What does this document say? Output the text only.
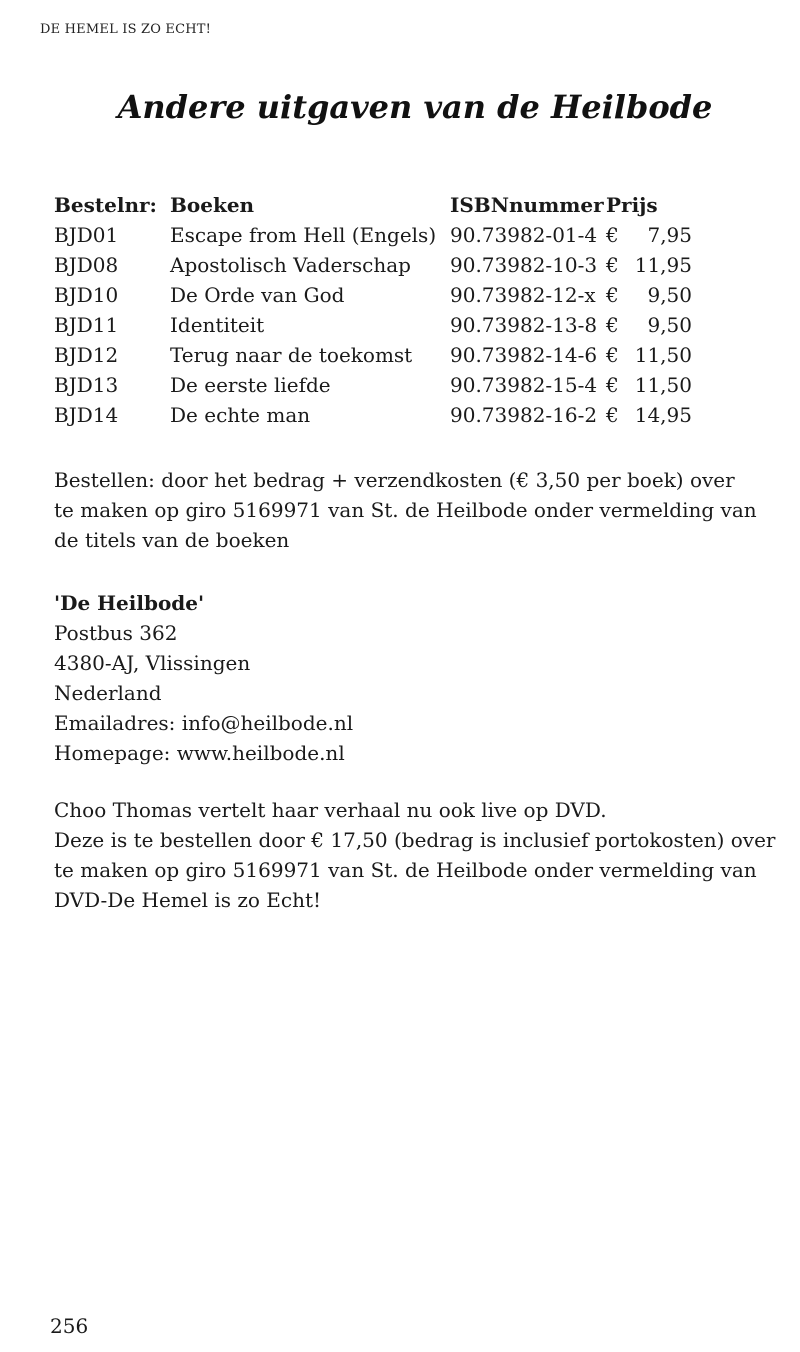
DE HEMEL IS ZO ECHT!
Andere uitgaven van de Heilbode
Bestelnr:	Boeken	ISBNnummer	Prijs
BJD01	Escape from Hell (Engels)	90.73982-01-4	€ 7,95
BJD08	Apostolisch Vaderschap	90.73982-10-3	€ 11,95
BJD10	De Orde van God	90.73982-12-x	€ 9,50
BJD11	Identiteit	90.73982-13-8	€ 9,50
BJD12	Terug naar de toekomst	90.73982-14-6	€ 11,50
BJD13	De eerste liefde	90.73982-15-4	€ 11,50
BJD14	De echte man	90.73982-16-2	€ 14,95
Bestellen: door het bedrag + verzendkosten (€ 3,50 per boek) over
te maken op giro 5169971 van St. de Heilbode onder vermelding van
de titels van de boeken
'De Heilbode'
Postbus 362
4380-AJ, Vlissingen
Nederland
Emailadres: info@heilbode.nl
Homepage: www.heilbode.nl
Choo Thomas vertelt haar verhaal nu ook live op DVD.
Deze is te bestellen door € 17,50 (bedrag is inclusief portokosten) over
te maken op giro 5169971 van St. de Heilbode onder vermelding van
DVD-De Hemel is zo Echt!
256
